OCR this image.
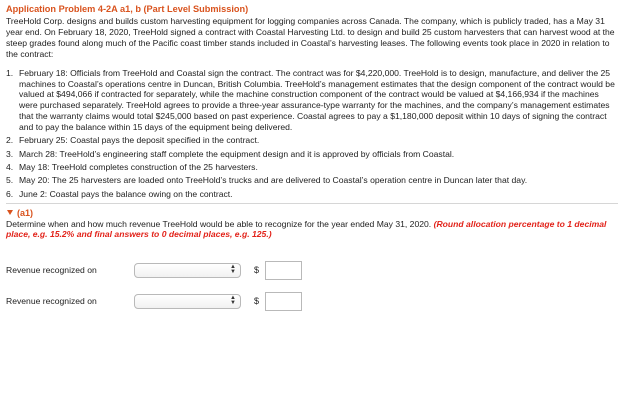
Application Problem 4-2A a1, b (Part Level Submission)

TreeHold Corp. designs and builds custom harvesting equipment for logging companies across Canada. The company, which is publicly traded, has a May 31 year end. On February 18, 2020, TreeHold signed a contract with Coastal Harvesting Ltd. to design and build 25 custom harvesters that can harvest wood at the steep grades found along much of the Pacific coast timber stands included in Coastal’s harvesting leases. The following events took place in 2020 in relation to the contract:

1. February 18: Officials from TreeHold and Coastal sign the contract. The contract was for $4,220,000. TreeHold is to design, manufacture, and deliver the 25 machines to Coastal’s operations centre in Duncan, British Columbia. TreeHold’s management estimates that the design component of the contract would be valued at $494,066 if contracted for separately, while the machine construction component of the contract would be valued at $4,166,934 if the machines were purchased separately. TreeHold agrees to provide a three-year assurance-type warranty for the machines, and the company’s management estimates that the warranty claims would total $245,000 based on past experience. Coastal agrees to pay a $1,180,000 deposit within 10 days of signing the contract and to pay the balance within 15 days of the equipment being delivered.
2. February 25: Coastal pays the deposit specified in the contract.
3. March 28: TreeHold’s engineering staff complete the equipment design and it is approved by officials from Coastal.
4. May 18: TreeHold completes construction of the 25 harvesters.
5. May 20: The 25 harvesters are loaded onto TreeHold’s trucks and are delivered to Coastal’s operation centre in Duncan later that day.
6. June 2: Coastal pays the balance owing on the contract.
(a1)

Determine when and how much revenue TreeHold would be able to recognize for the year ended May 31, 2020. (Round allocation percentage to 1 decimal place, e.g. 15.2% and final answers to 0 decimal places, e.g. 125.)

Revenue recognized on	▲
▼ $
Revenue recognized on	▲
▼ $
